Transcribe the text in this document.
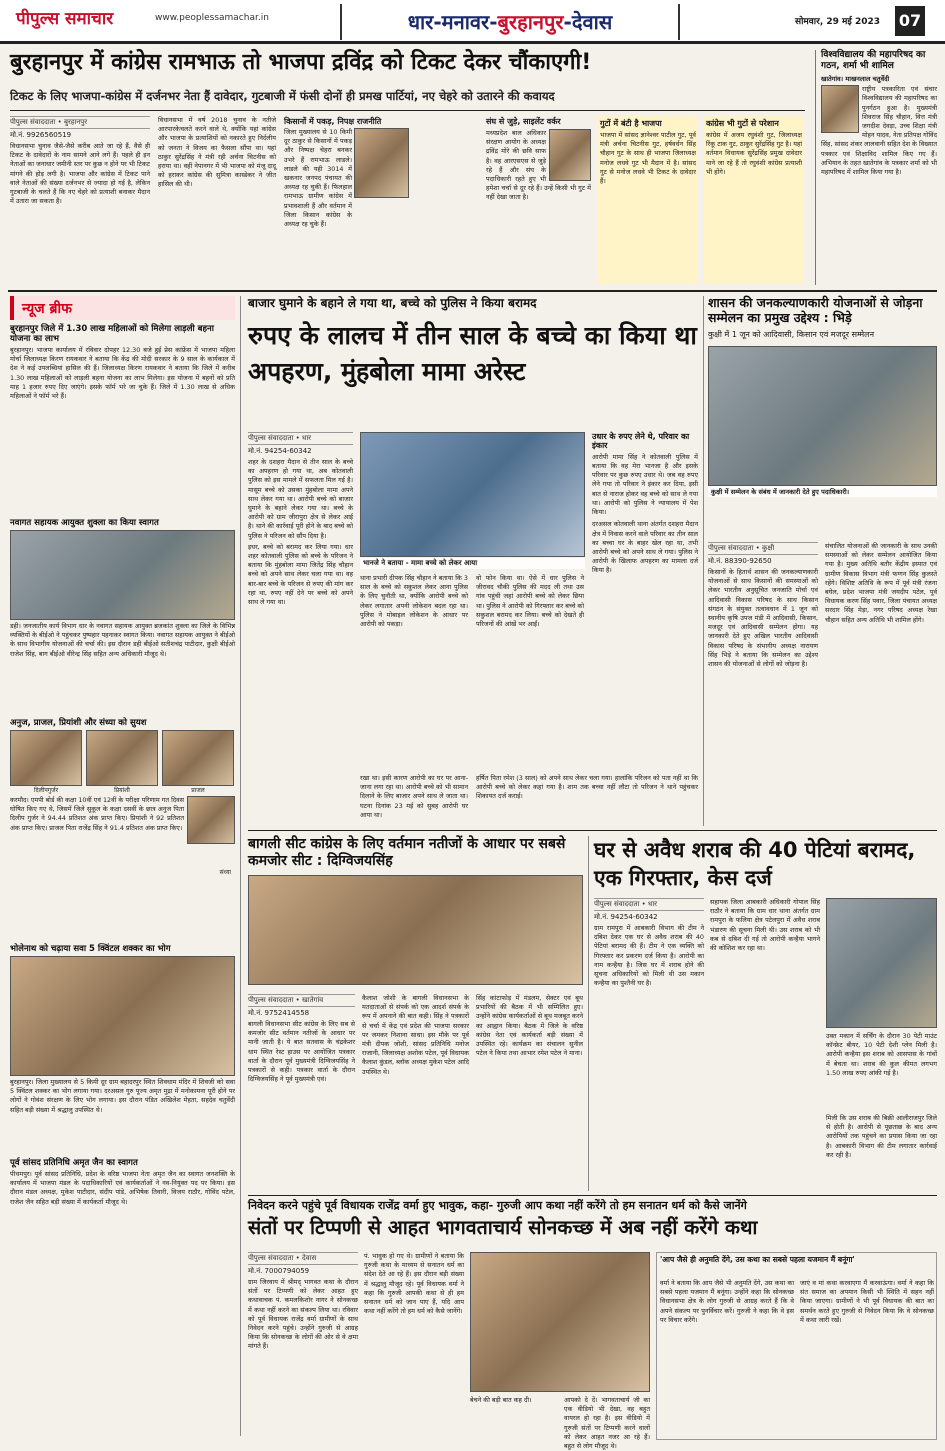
पीपुल्स समाचार	www.peoplessamachar.in	धार-मनावर-बुरहानपुर-देवास	सोमवार, 29 मई 2023 07
बुरहानपुर में कांग्रेस रामभाऊ तो भाजपा द्रविंद्र को टिकट देकर चौंकाएगी!
टिकट के लिए भाजपा-कांग्रेस में दर्जनभर नेता हैं दावेदार, गुटबाजी में फंसी दोनों ही प्रमख पार्टियां, नए चेहरे को उतारने की कवायद
पीपुल्स संवाददाता • बुरहानपुर
मो.नं. 9926560519
विधानसभा चुनाव जैसे-जैसे करीब आते जा रहे हैं, वैसे ही टिकट के दावेदारों के नाम सामने आने लगे हैं। पहले ही इन नेताओं का जनाधार जमीनी स्तर पर कुछ न होने पर भी टिकट मांगने की होड़ लगी है। भाजपा और कांग्रेस में टिकट पाने वाले नेताओं की संख्या दर्जनभर से ज्यादा हो गई है, लेकिन गुटबाजी के चलते हैं कि नए चेहरे को प्रत्याशी बनाकर मैदान में उतारा जा सकता है।
विधानसभा में वर्ष 2018 चुनाव के नतीजे आरपारकेचलते करने वाले थे, क्योंकि यहां कांग्रेस और भाजपा के प्रत्याशियों को नकारते हुए निर्दलीय को जनता ने विजय का फैसला सौंपा था। यहां ठाकुर सुरेंद्रसिंह ने मंत्री रही अर्चना चिटनीस को हराया था। वहीं नेपानगर में भी भाजपा को मंजू दादू को हराकर कांग्रेस की सुमित्रा कास्डेकर ने जीत हासिल की थी।
किसानों में पकड़, निपक्ष राजनीति
जिला मुख्यालय से 10 किमी दूर ठाकुर से किसानों में पकड़ और निष्पक्ष चेहरा बनकर उभरे हैं रामभाऊ लाडले। लाडले की यही 3014 में खकनार जनपद पंचायत की अध्यक्ष रह चुकी हैं। फिलहाल रामभाऊ ग्रामीण कांग्रेस में प्रभावशाली हैं और वर्तमान में जिला किसान कांग्रेस के अध्यक्ष रह चुके हैं।
संघ से जुड़े, साइलेंट वर्कर
मध्यप्रदेश बाल अधिकार संरक्षण आयोग के अध्यक्ष द्रविंद्र मोरे की छवि साफ है। वह आरएसएस से जुड़े रहे हैं और संघ के पदाधिकारी रहते हुए भी हमेशा चर्चा से दूर रहे हैं। उन्हें किसी भी गुट में नहीं देखा जाता है।
गुटों में बंटी है भाजपा
भाजपा में सांसद ज्ञानेश्वर पाटील गुट, पूर्व मंत्री अर्चना चिटनीस गुट, हर्षवर्धन सिंह चौहान गुट के साथ ही भाजपा जिलाध्यक्ष मनोज लधवे गुट भी मैदान में है। सांसद गुट से मनोज लधवे भी टिकट के दावेदार हैं।
कांग्रेस भी गुटों से परेशान
कांग्रेस में अजय रघुवंशी गुट, जिलाध्यक्ष रिंकू टाक गुट, ठाकुर सुरेंद्रसिंह गुट है। यहां वर्तमान विधायक सुरेंद्रसिंह प्रमुख दावेदार माने जा रहे हैं तो रघुवंशी कांग्रेस प्रत्याशी भी होंगे।
विश्वविद्यालय की महापरिषद का गठन, शर्मा भी शामिल
खातेगांव। माखनलाल चतुर्वेदी
राष्ट्रीय पत्रकारिता एवं संचार विश्वविद्यालय की महापरिषद का पुनर्गठन हुआ है। मुख्यमंत्री शिवराज सिंह चौहान, वित्त मंत्री जगदीश देवड़ा, उच्च शिक्षा मंत्री मोहन यादव, नेता प्रतिपक्ष गोविंद सिंह, सांसद शंकर लालवानी सहित देश के विख्यात पत्रकार एवं शिक्षाविद शामिल किए गए हैं। अभियान के तहत खातेगांव के पत्रकार शर्मा को भी महापरिषद में शामिल किया गया है।
न्यूज ब्रीफ
बुरहानपुर जिले में 1.30 लाख महिलाओं को मिलेगा लाड़ली बहना योजना का लाभ
बुरहानपुर। भाजपा कार्यालय में रविवार दोपहर 12.30 बजे हुई प्रेस कांफ्रेंस में भाजपा महिला मोर्चा जिलाध्यक्ष किरण रायकवार ने बताया कि केंद्र की मोदी सरकार के 9 साल के कार्यकाल में देश ने कई उपलब्धियां हासिल की हैं। जिलाध्यक्ष किरण रायकवार ने बताया कि जिले में करीब 1.30 लाख महिलाओं को लाड़ली बहना योजना का लाभ मिलेगा। इस योजना में बहनों को प्रति माह 1 हजार रुपए दिए जाएंगे। इसके फॉर्म भरे जा चुके हैं। जिले में 1.30 लाख से अधिक महिलाओं ने फॉर्म भरे हैं।
नवागत सहायक आयुक्त शुक्ला का किया स्वागत
डही। जनजातीय कार्य विभाग धार के नवागत सहायक आयुक्त ब्रजकांत शुक्ला का जिले के विभिन्न व्यक्तियों के बीईओ ने पहुंचकर पुष्पहार पहनाकर स्वागत किया। नवागत सहायक आयुक्त ने बीईओ के साथ विभागीय योजनाओं की चर्चा की। इस दौरान डही बीईओ सतीशचंद्र पाटीदार, कुक्षी बीईओ राजेश सिंह, बाग बीईओ वीरेन्द्र सिंह सहित अन्य अधिकारी मौजूद थे।
अनुज, प्राजल, प्रियांशी और संध्या को सुयश
दिलीपगुर्जर	प्रियांशी	प्राजल
करमौद। एमपी बोर्ड की कक्षा 10वीं एवं 12वीं के परीक्षा परिणाम गत दिवस घोषित किए गए थे, जिसमें जिले सुकूल के कक्षा दसवीं के छात्र अनुज पिता दिलीप गुर्जर ने 94.44 प्रतिशत अंक प्राप्त किए। प्रियांशी ने 92 प्रतिशत अंक प्राप्त किए। प्राजल पिता राजेंद्र सिंह ने 91.4 प्रतिशत अंक प्राप्त किए।
संध्या
भोलेनाथ को चढ़ाया सवा 5 क्विंटल शक्कर का भोग
बुरहानपुर। जिला मुख्यालय से 5 किमी दूर ग्राम बहादरपुर स्थित शिवधाम मंदिर में शिवजी को सवा 5 क्विंटल शक्कर का भोग लगाया गया। दरअसल गुरु पूज्य अमृत मुद्रा में मनोकामना पूरी होने पर लोगों ने गोवंश संरक्षण के लिए भोग लगाया। इस दौरान पंडित अखिलेश मेहता, सहदेव चतुर्वेदी सहित बड़ी संख्या में श्रद्धालु उपस्थित थे।
पूर्व सांसद प्रतिनिधि अमृत जैन का स्वागत
पीथमपुर। पूर्व सांसद प्रतिनिधि, प्रदेश के वरिष्ठ भाजपा नेता अमृत जैन का स्वागत जनशक्ति के कार्यालय में भाजपा मंडल के पदाधिकारियों एवं कार्यकर्ताओं ने नव-नियुक्त पद पर किया। इस दौरान मंडल अध्यक्ष, मुकेश पाटीदार, संदीप पांडे, अभिषेक तिवारी, विजय राठौर, गोविंद पटेल, राजेश जैन सहित बड़ी संख्या में कार्यकर्ता मौजूद थे।
बाजार घुमाने के बहाने ले गया था, बच्चे को पुलिस ने किया बरामद
रुपए के लालच में तीन साल के बच्चे का किया था अपहरण, मुंहबोला मामा अरेस्ट
पीपुल्स संवाददाता • धार
मो.नं. 94254-60342
शहर के दशहरा मैदान से तीन साल के बच्चे का अपहरण हो गया था, अब कोतवाली पुलिस को इस मामले में सफलता मिल गई है। मासूम बच्चे को उसका मुंहबोला मामा अपने साथ लेकर गया था। आरोपी बच्चे को बाजार घुमाने के बहाने लेकर गया था। बच्चे के आरोपी को ग्राम जीरापुरा क्षेत्र से लेकर आई है। थाने की कार्रवाई पूरी होने के बाद बच्चे को पुलिस ने परिजन को सौंप दिया है।
इधर, बच्चे को बरामद कर लिया गया। धार शहर कोतवाली पुलिस को बच्चे के परिजन ने बताया कि मुंहबोला मामा जितेंद्र सिंह चौहान बच्चे को अपने साथ लेकर चला गया था। वह बार-बार बच्चे के परिजन से रुपए की मांग कर रहा था, रुपए नहीं देने पर बच्चे को अपने साथ ले गया था।
भानजे ने बताया - मामा बच्चे को लेकर आया
थाना प्रभारी दीपक सिंह चौहान ने बताया कि 3 साल के बच्चे को सकुशल लेकर आना पुलिस के लिए चुनौती था, क्योंकि आरोपी बच्चे को लेकर लगातार अपनी लोकेशन बदल रहा था। पुलिस ने मोबाइल लोकेशन के आधार पर आरोपी को पकड़ा।
वो फोन किया था। ऐसे में धार पुलिस ने जीरावद चौकी पुलिस की मदद ली तथा उस गांव पहुंची जहां आरोपी बच्चे को लेकर छिपा था। पुलिस ने आरोपी को गिरफ्तार कर बच्चे को सकुशल बरामद कर लिया। बच्चे को देखते ही परिजनों की आंखें भर आईं।
उधार के रुपए लेने थे, परिवार का इंकार
आरोपी मामा सिंह ने कोतवाली पुलिस में बताया कि वह मेरा भानजा है और इसके परिवार पर कुछ रुपए उधार थे। जब वह रुपए लेने गया तो परिवार ने इंकार कर दिया, इसी बात से नाराज होकर वह बच्चे को साथ ले गया था। आरोपी को पुलिस ने न्यायालय में पेश किया।
दरअसल कोतवाली थाना अंतर्गत दशहरा मैदान क्षेत्र में निवास करने वाले परिवार का तीन साल का बच्चा घर के बाहर खेल रहा था, तभी आरोपी बच्चे को अपने साथ ले गया। पुलिस ने आरोपी के खिलाफ अपहरण का मामला दर्ज किया है।
रखा था। इसी कारण आरोपी का घर पर आना-जाना लगा रहा था। आरोपी बच्चे को भी सामान दिलाने के लिए बाजार अपने साथ ले जाता था। घटना दिनांक 23 मई को सुबह आरोपी घर आया था।
हर्षित पिता रमेश (3 साल) को अपने साथ लेकर चला गया। हालांकि परिजन को पता नहीं था कि आरोपी बच्चे को लेकर कहां गया है। शाम तक बच्चा नहीं लौटा तो परिजन ने थाने पहुंचकर शिकायत दर्ज कराई।
शासन की जनकल्याणकारी योजनाओं से जोड़ना सम्मेलन का प्रमुख उद्देश्य : भिड़े
कुक्षी में 1 जून को आदिवासी, किसान एवं मजदूर सम्मेलन
कुक्षी में सम्मेलन के संबंध में जानकारी देते हुए पदाधिकारी।
पीपुल्स संवाददाता • कुक्षी
मो.नं. 88390-92650
किसानों के हितार्थ शासन की जनकल्याणकारी योजनाओं से साथ किसानों की समस्याओं को लेकर भारतीय अनुसूचित जनजाति मोर्चा एवं आदिवासी विकास परिषद के साथ किसान संगठन के संयुक्त तत्वावधान में 1 जून को स्थानीय कृषि उपज मंडी में आदिवासी, किसान, मजदूर एवं आदिवासी सम्मेलन होगा। यह जानकारी देते हुए अखिल भारतीय आदिवासी विकास परिषद के संभागीय अध्यक्ष नारायण सिंह भिड़े ने बताया कि सम्मेलन का उद्देश्य शासन की योजनाओं से लोगों को जोड़ना है।
संचालित योजनाओं की जानकारी के साथ उनकी समस्याओं को लेकर सम्मेलन आयोजित किया गया है। मुख्य अतिथि बतौर केंद्रीय इस्पात एवं ग्रामीण विकास विभाग मंत्री फग्गन सिंह कुलस्ते रहेंगे। विशिष्ट अतिथि के रूप में पूर्व मंत्री रंजना बघेल, प्रदेश भाजपा मंत्री जयदीप पटेल, पूर्व विधायक करण सिंह पवार, जिला पंचायत अध्यक्ष सरदार सिंह मेड़ा, नगर परिषद अध्यक्ष रेखा चौहान सहित अन्य अतिथि भी शामिल होंगे।
बागली सीट कांग्रेस के लिए वर्तमान नतीजों के आधार पर सबसे कमजोर सीट : दिग्विजयसिंह
पीपुल्स संवाददाता • खातेगांव
मो.नं. 9752414558
बागली विधानसभा सीट कांग्रेस के लिए सब से कमजोर सीट वर्तमान नतीजों के आधार पर मानी जाती है। ये बात सतवास के चंद्रकेशर धाम स्थित रेस्ट हाउस पर आयोजित पत्रकार वार्ता के दौरान पूर्व मुख्यमंत्री दिग्विजयसिंह ने पत्रकारों से कही। पत्रकार वार्ता के दौरान दिग्विजयसिंह ने पूर्व मुख्यमंत्री एवं।
कैलाश जोशी के बागली विधानसभा के मतदाताओं से संपर्क को एक आदर्श संपर्क के रूप में अपनाने की बात कही। सिंह ने पत्रकारों से चर्चा में केंद्र एवं प्रदेश की भाजपा सरकार पर जमकर निशाना साधा। इस मौके पर पूर्व मंत्री दीपक जोशी, सांसद प्रतिनिधि मनोज राजानी, जिलाध्यक्ष अशोक पटेल, पूर्व विधायक कैलाश कुंडल, ब्लॉक अध्यक्ष मुकेश पटेल आदि उपस्थित थे।
सिंह कांटाफोड़ में मंडलम, सेक्टर एवं बूथ प्रभारियों की बैठक में भी सम्मिलित हुए। उन्होंने कांग्रेस कार्यकर्ताओं से बूथ मजबूत करने का आह्वान किया। बैठक में जिले के वरिष्ठ कांग्रेस नेता एवं कार्यकर्ता बड़ी संख्या में उपस्थित रहे। कार्यक्रम का संचालन सुनील पटेल ने किया तथा आभार रमेश पटेल ने माना।
घर से अवैध शराब की 40 पेटियां बरामद, एक गिरफ्तार, केस दर्ज
पीपुल्स संवाददाता • धार
मो.नं. 94254-60342
ग्राम रामपुरा में आबकारी विभाग की टीम ने दबिश देकर एक घर से अवैध शराब की 40 पेटियां बरामद की हैं। टीम ने एक व्यक्ति को गिरफ्तार कर प्रकरण दर्ज किया है। आरोपी का नाम कन्हैया है। जिस घर में शराब होने की सूचना अधिकारियों को मिली थी उस मकान कन्हैया का पुश्तैनी घर है।
सहायक जिला आबकारी अधिकारी गोपाल सिंह राठौर ने बताया कि ग्राम धार थाना अंतर्गत ग्राम रामपुरा के फलिया क्षेत्र पटेलपुरा में अवैध शराब भंडारण की सूचना मिली थी। उस शराब को भी कब से दबिश दी गई तो आरोपी कन्हैया भागने की कोशिश कर रहा था।
उक्त मकान में सर्चिंग के दौरान 30 पेटी माउंट कॉन्फ्रेट बीयर, 10 पेटी देशी प्लेन मिली है। आरोपी कन्हैया इस शराब को आसपास के गांवों में बेचता था। शराब की कुल कीमत लगभग 1.50 लाख रुपए आंकी गई है।
मिली कि उस शराब की बिक्री आलीराजपुर जिले से होती है। आरोपी से पूछताछ के बाद अन्य आरोपियों तक पहुंचने का प्रयास किया जा रहा है। आबकारी विभाग की टीम लगातार कार्रवाई कर रही है।
निवेदन करने पहुंचे पूर्व विधायक राजेंद्र वर्मा हुए भावुक, कहा- गुरुजी आप कथा नहीं करेंगे तो हम सनातन धर्म को कैसे जानेंगे
संतों पर टिप्पणी से आहत भागवताचार्य सोनकच्छ में अब नहीं करेंगे कथा
पीपुल्स संवाददाता • देवास
मो.नं. 7000794059
ग्राम जिरवाय में श्रीमद् भागवत कथा के दौरान संतों पर टिप्पणी को लेकर आहत हुए कथावाचक पं. कमलकिशोर नागर ने सोनकच्छ में कथा नहीं करने का संकल्प लिया था। रविवार को पूर्व विधायक राजेंद्र वर्मा ग्रामीणों के साथ निवेदन करने पहुंचे। उन्होंने गुरुजी से आग्रह किया कि सोनकच्छ के लोगों की ओर से वे क्षमा मांगते हैं।
पं. भावुक हो गए थे। ग्रामीणों ने बताया कि गुरुजी कथा के माध्यम से सनातन धर्म का संदेश देते आ रहे हैं। इस दौरान बड़ी संख्या में श्रद्धालु मौजूद रहे। पूर्व विधायक वर्मा ने कहा कि गुरुजी आपकी कथा से ही हम सनातन धर्म को जान पाए हैं, यदि आप कथा नहीं करेंगे तो हम धर्म को कैसे जानेंगे।
बेचने की बड़ी बात कह दी।	आपको दे दें। भागवताचार्य जी का एक वीडियो भी देखा, वह बहुत वायरल हो रहा है। इस वीडियो में गुरुजी संतों पर टिप्पणी करने वालों को लेकर आहत नजर आ रहे हैं। बहुत से लोग मौजूद थे।
'आप जैसे ही अनुमति देंगे, उस कथा का सबसे पहला यजमान मैं बनूंगा'
वर्मा ने बताया कि आप जैसे भी अनुमति देंगे, उस कथा का सबसे पहला यजमान मैं बनूंगा। उन्होंने कहा कि सोनकच्छ विधानसभा क्षेत्र के लोग गुरुजी से आग्रह करते हैं कि वे अपने संकल्प पर पुनर्विचार करें। गुरुजी ने कहा कि वे इस पर विचार करेंगे।
जाएं व मां कथा करवाएगा मैं करवाऊंगा। वर्मा ने कहा कि संत समाज का अपमान किसी भी स्थिति में सहन नहीं किया जाएगा। ग्रामीणों ने भी पूर्व विधायक की बात का समर्थन करते हुए गुरुजी से निवेदन किया कि वे सोनकच्छ में कथा जारी रखें।
